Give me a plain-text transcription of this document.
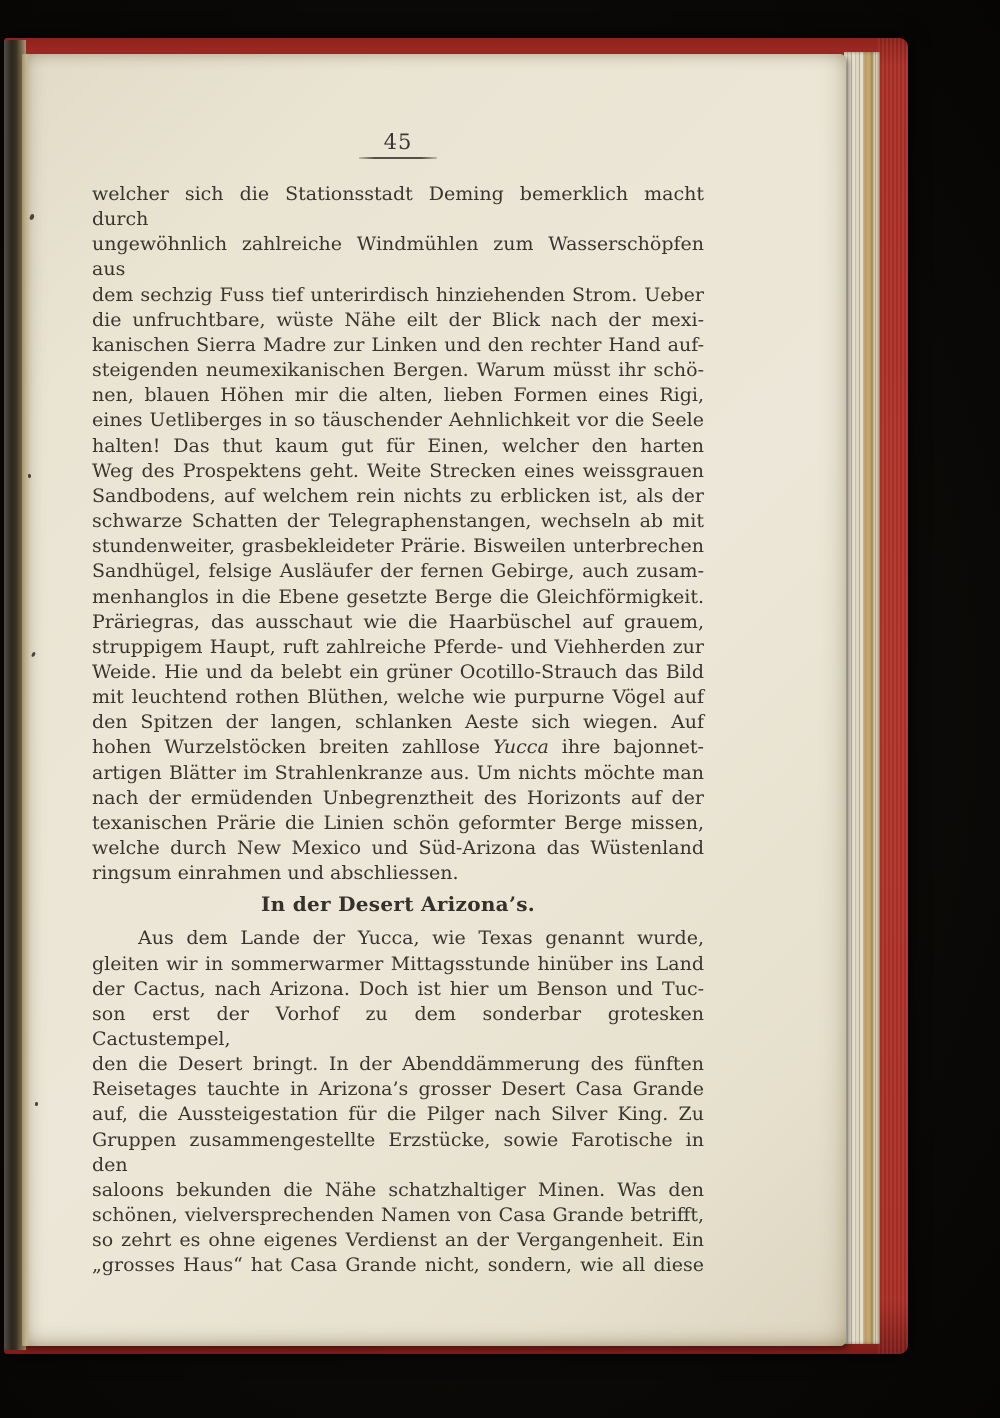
45
welcher sich die Stationsstadt Deming bemerklich macht durch
ungewöhnlich zahlreiche Windmühlen zum Wasserschöpfen aus
dem sechzig Fuss tief unterirdisch hinziehenden Strom. Ueber
die unfruchtbare, wüste Nähe eilt der Blick nach der mexi-
kanischen Sierra Madre zur Linken und den rechter Hand auf-
steigenden neumexikanischen Bergen. Warum müsst ihr schö-
nen, blauen Höhen mir die alten, lieben Formen eines Rigi,
eines Uetliberges in so täuschender Aehnlichkeit vor die Seele
halten! Das thut kaum gut für Einen, welcher den harten
Weg des Prospektens geht. Weite Strecken eines weissgrauen
Sandbodens, auf welchem rein nichts zu erblicken ist, als der
schwarze Schatten der Telegraphenstangen, wechseln ab mit
stundenweiter, grasbekleideter Prärie. Bisweilen unterbrechen
Sandhügel, felsige Ausläufer der fernen Gebirge, auch zusam-
menhanglos in die Ebene gesetzte Berge die Gleichförmigkeit.
Präriegras, das ausschaut wie die Haarbüschel auf grauem,
struppigem Haupt, ruft zahlreiche Pferde- und Viehherden zur
Weide. Hie und da belebt ein grüner Ocotillo-Strauch das Bild
mit leuchtend rothen Blüthen, welche wie purpurne Vögel auf
den Spitzen der langen, schlanken Aeste sich wiegen. Auf
hohen Wurzelstöcken breiten zahllose Yucca ihre bajonnet-
artigen Blätter im Strahlenkranze aus. Um nichts möchte man
nach der ermüdenden Unbegrenztheit des Horizonts auf der
texanischen Prärie die Linien schön geformter Berge missen,
welche durch New Mexico und Süd-Arizona das Wüstenland
ringsum einrahmen und abschliessen.
In der Desert Arizona’s.
Aus dem Lande der Yucca, wie Texas genannt wurde,
gleiten wir in sommerwarmer Mittagsstunde hinüber ins Land
der Cactus, nach Arizona. Doch ist hier um Benson und Tuc-
son erst der Vorhof zu dem sonderbar grotesken Cactustempel,
den die Desert bringt. In der Abenddämmerung des fünften
Reisetages tauchte in Arizona’s grosser Desert Casa Grande
auf, die Aussteigestation für die Pilger nach Silver King. Zu
Gruppen zusammengestellte Erzstücke, sowie Farotische in den
saloons bekunden die Nähe schatzhaltiger Minen. Was den
schönen, vielversprechenden Namen von Casa Grande betrifft,
so zehrt es ohne eigenes Verdienst an der Vergangenheit. Ein
„grosses Haus“ hat Casa Grande nicht, sondern, wie all diese
